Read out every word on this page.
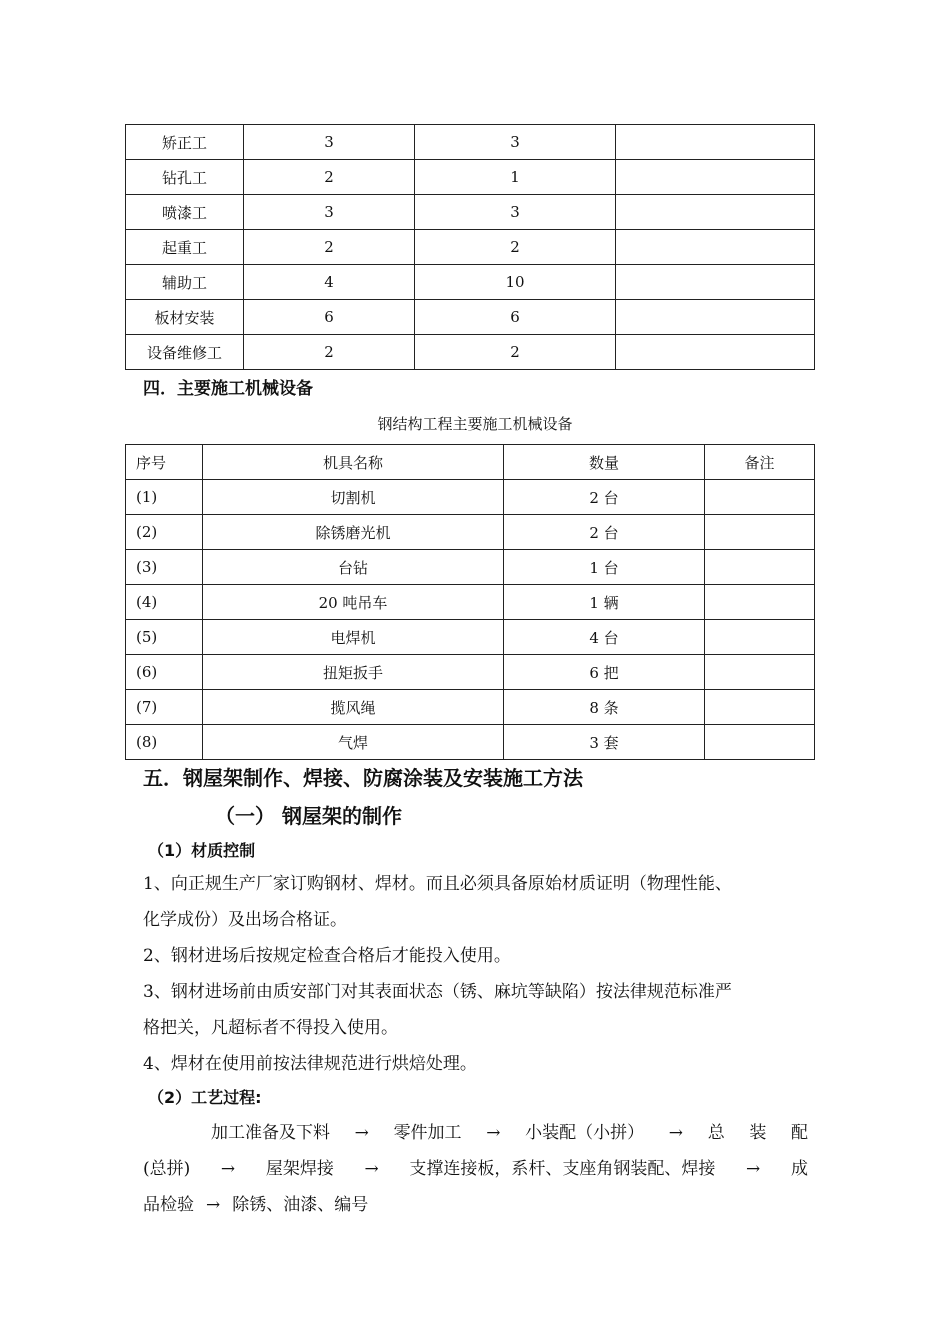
矫正工	3	3	
钻孔工	2	1	
喷漆工	3	3	
起重工	2	2	
辅助工	4	10	
板材安装	6	6	
设备维修工	2	2	
四．主要施工机械设备
钢结构工程主要施工机械设备
序号	机具名称	数量	备注
(1)	切割机	2 台	
(2)	除锈磨光机	2 台	
(3)	台钻	1 台	
(4)	20 吨吊车	1 辆	
(5)	电焊机	4 台	
(6)	扭矩扳手	6 把	
(7)	揽风绳	8 条	
(8)	气焊	3 套	
五．钢屋架制作、焊接、防腐涂装及安装施工方法
（一） 钢屋架的制作
（1）材质控制
1、向正规生产厂家订购钢材、焊材。而且必须具备原始材质证明（物理性能、
化学成份）及出场合格证。
2、钢材进场后按规定检查合格后才能投入使用。
3、钢材进场前由质安部门对其表面状态（锈、麻坑等缺陷）按法律规范标准严
格把关，凡超标者不得投入使用。
4、焊材在使用前按法律规范进行烘焙处理。
（2）工艺过程:
加工准备及下料 → 零件加工 → 小装配（小拼） → 总 装 配
(总拼) → 屋架焊接 → 支撑连接板，系杆、支座角钢装配、焊接 → 成
品检验 → 除锈、油漆、编号
